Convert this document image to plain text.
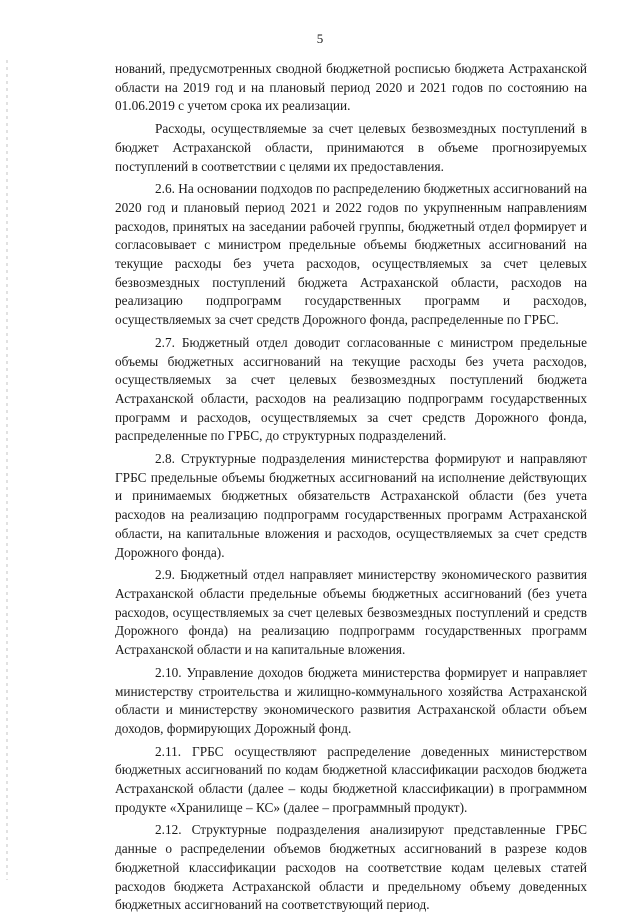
5

нований, предусмотренных сводной бюджетной росписью бюджета Астраханской области на 2019 год и на плановый период 2020 и 2021 годов по состоянию на 01.06.2019 с учетом срока их реализации.

Расходы, осуществляемые за счет целевых безвозмездных поступлений в бюджет Астраханской области, принимаются в объеме прогнозируемых поступлений в соответствии с целями их предоставления.

2.6. На основании подходов по распределению бюджетных ассигнований на 2020 год и плановый период 2021 и 2022 годов по укрупненным направлениям расходов, принятых на заседании рабочей группы, бюджетный отдел формирует и согласовывает с министром предельные объемы бюджетных ассигнований на текущие расходы без учета расходов, осуществляемых за счет целевых безвозмездных поступлений бюджета Астраханской области, расходов на реализацию подпрограмм государственных программ и расходов, осуществляемых за счет средств Дорожного фонда, распределенные по ГРБС.

2.7. Бюджетный отдел доводит согласованные с министром предельные объемы бюджетных ассигнований на текущие расходы без учета расходов, осуществляемых за счет целевых безвозмездных поступлений бюджета Астраханской области, расходов на реализацию подпрограмм государственных программ и расходов, осуществляемых за счет средств Дорожного фонда, распределенные по ГРБС, до структурных подразделений.

2.8. Структурные подразделения министерства формируют и направляют ГРБС предельные объемы бюджетных ассигнований на исполнение действующих и принимаемых бюджетных обязательств Астраханской области (без учета расходов на реализацию подпрограмм государственных программ Астраханской области, на капитальные вложения и расходов, осуществляемых за счет средств Дорожного фонда).

2.9. Бюджетный отдел направляет министерству экономического развития Астраханской области предельные объемы бюджетных ассигнований (без учета расходов, осуществляемых за счет целевых безвозмездных поступлений и средств Дорожного фонда) на реализацию подпрограмм государственных программ Астраханской области и на капитальные вложения.

2.10. Управление доходов бюджета министерства формирует и направляет министерству строительства и жилищно-коммунального хозяйства Астраханской области и министерству экономического развития Астраханской области объем доходов, формирующих Дорожный фонд.

2.11. ГРБС осуществляют распределение доведенных министерством бюджетных ассигнований по кодам бюджетной классификации расходов бюджета Астраханской области (далее – коды бюджетной классификации) в программном продукте «Хранилище – КС» (далее – программный продукт).

2.12. Структурные подразделения анализируют представленные ГРБС данные о распределении объемов бюджетных ассигнований в разрезе кодов бюджетной классификации расходов на соответствие кодам целевых статей расходов бюджета Астраханской области и предельному объему доведенных бюджетных ассигнований на соответствующий период.
